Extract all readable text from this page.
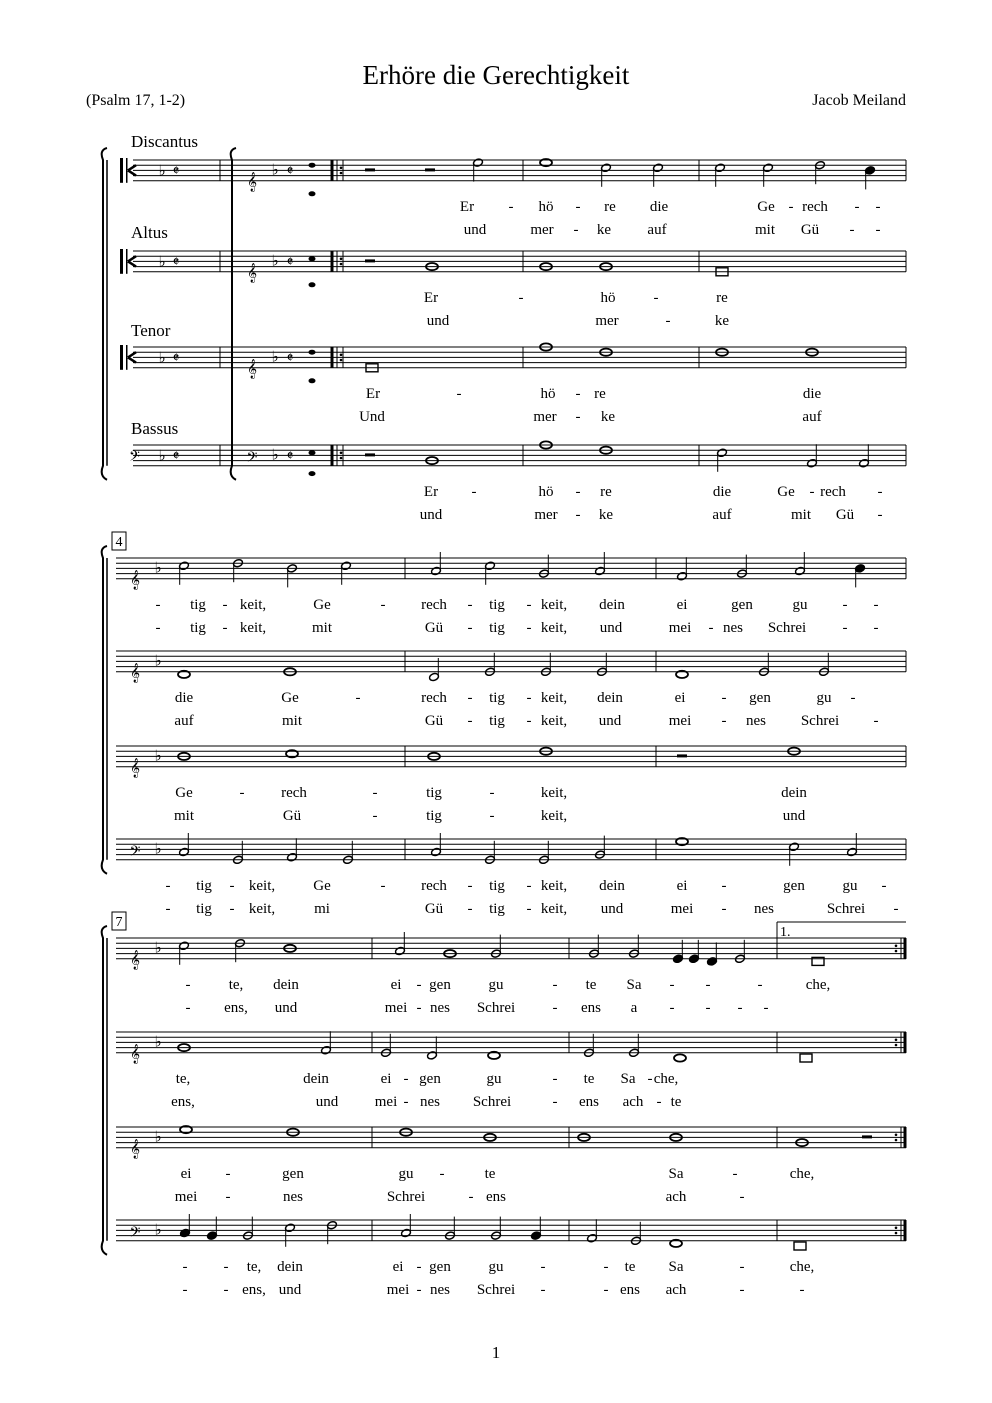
Erhöre die Gerechtigkeit
(Psalm 17, 1-2)	Jacob Meiland
♭ 𝄵
𝄞
♭ 𝄵
♭ 𝄵
𝄞
♭ 𝄵
♭ 𝄵
𝄞
♭ 𝄵
𝄢 ♭ 𝄵	𝄢 ♭ 𝄵
Discantus
Altus
Tenor
Bassus
𝄞
♭
𝄞
♭
𝄞
♭
𝄢 ♭
4
𝄞
♭
𝄞
♭
𝄞
♭
𝄢 ♭
7
1.
Er - hö - re die	Ge - rech - -
und	mer - ke auf	mit Gü - -
Er	-	hö	-	re
und	mer	-	ke
Er	-	hö - re	die
Und	mer - ke	auf
Er -	hö - re	die	Ge - rech -
und	mer - ke	auf	mit Gü -
- tig - keit,	Ge	- rech - tig - keit, dein	ei	gen	gu - -
- tig - keit,	mit	Gü - tig - keit, und	mei - nes Schrei - -
die	Ge	-	rech - tig - keit, dein	ei - gen	gu -
auf	mit	Gü - tig - keit, und	mei - nes Schrei -
Ge	- rech	-	tig	-	keit,	dein
mit	Gü	-	tig	-	keit,	und
- tig - keit,	Ge	- rech - tig - keit, dein	ei -	gen	gu -
- tig - keit,	mi	Gü - tig - keit, und	mei - nes	Schrei -
-	te, dein	ei - gen	gu	- te Sa - -	-	che,
- ens, und	mei - nes Schrei - ens a - - - -
te,	dein	ei - gen	gu	- te Sa - che,
ens,	und mei - nes Schrei	- ens ach - te
ei -	gen	gu -	te	Sa	-	che,
mei -	nes	Schrei	- ens	ach	-
- - te, dein	ei - gen	gu -	- te Sa	-	che,
- - ens, und	mei - nes Schrei -	- ens ach	-	-
1
